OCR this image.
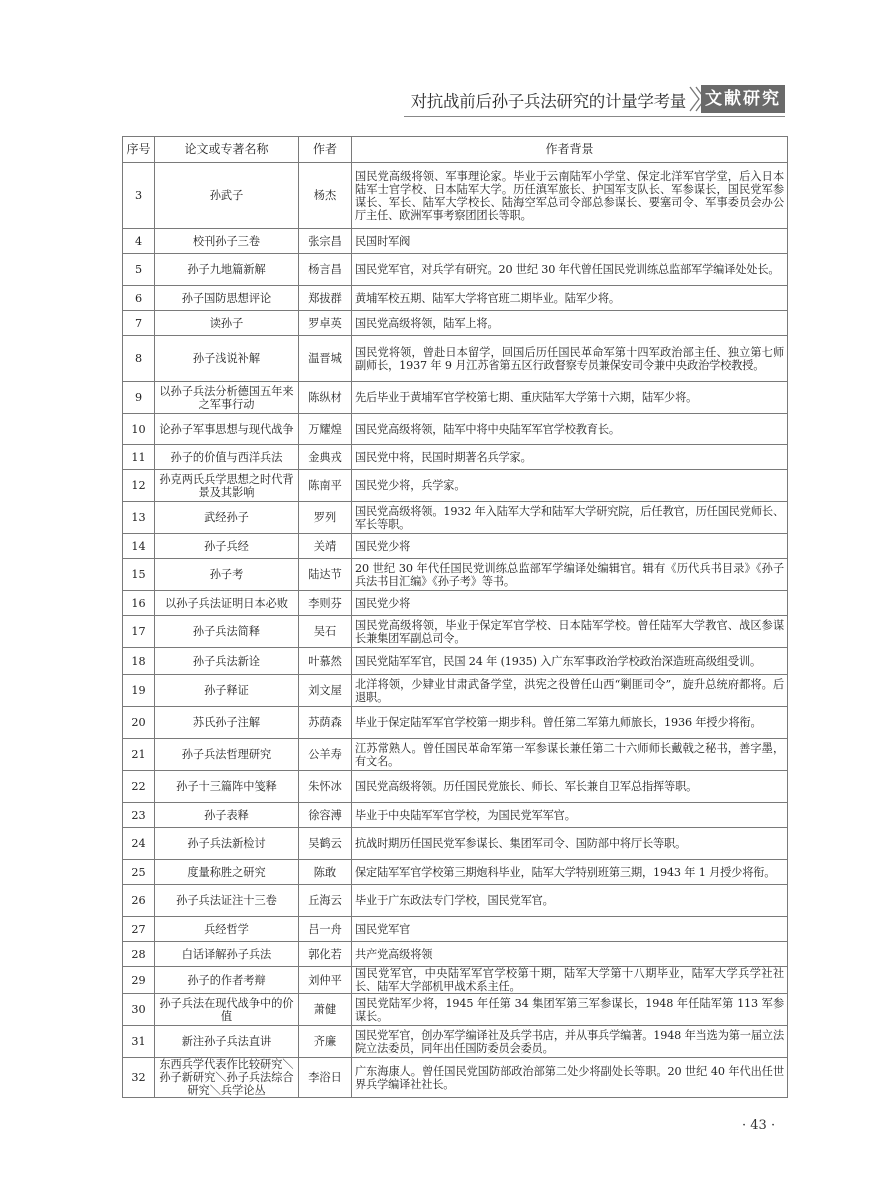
对抗战前后孙子兵法研究的计量学考量 文献研究
序号	论文或专著名称	作者	作者背景
3	孙武子	杨杰	国民党高级将领、军事理论家。毕业于云南陆军小学堂、保定北洋军官学堂，后入日本陆军士官学校、日本陆军大学。历任滇军旅长、护国军支队长、军参谋长，国民党军参谋长、军长、陆军大学校长、陆海空军总司令部总参谋长、要塞司令、军事委员会办公厅主任、欧洲军事考察团团长等职。
4	校刊孙子三卷	张宗昌	民国时军阀
5	孙子九地篇新解	杨言昌	国民党军官，对兵学有研究。20 世纪 30 年代曾任国民党训练总监部军学编译处处长。
6	孙子国防思想评论	郑拔群	黄埔军校五期、陆军大学将官班二期毕业。陆军少将。
7	读孙子	罗卓英	国民党高级将领，陆军上将。
8	孙子浅说补解	温晋城	国民党将领，曾赴日本留学，回国后历任国民革命军第十四军政治部主任、独立第七师副师长，1937 年 9 月江苏省第五区行政督察专员兼保安司令兼中央政治学校教授。
9	以孙子兵法分析德国五年来之军事行动	陈纵材	先后毕业于黄埔军官学校第七期、重庆陆军大学第十六期，陆军少将。
10	论孙子军事思想与现代战争	万耀煌	国民党高级将领，陆军中将中央陆军军官学校教育长。
11	孙子的价值与西洋兵法	金典戎	国民党中将，民国时期著名兵学家。
12	孙克两氏兵学思想之时代背景及其影响	陈南平	国民党少将，兵学家。
13	武经孙子	罗列	国民党高级将领。1932 年入陆军大学和陆军大学研究院，后任教官，历任国民党师长、军长等职。
14	孙子兵经	关靖	国民党少将
15	孙子考	陆达节	20 世纪 30 年代任国民党训练总监部军学编译处编辑官。辑有《历代兵书目录》《孙子兵法书目汇编》《孙子考》等书。
16	以孙子兵法证明日本必败	李则芬	国民党少将
17	孙子兵法简释	吴石	国民党高级将领，毕业于保定军官学校、日本陆军学校。曾任陆军大学教官、战区参谋长兼集团军副总司令。
18	孙子兵法新诠	叶慕然	国民党陆军军官，民国 24 年 (1935) 入广东军事政治学校政治深造班高级组受训。
19	孙子释证	刘文屋	北洋将领，少肄业甘肃武备学堂，洪宪之役曾任山西“剿匪司令”，旋升总统府都将。后退职。
20	苏氏孙子注解	苏荫森	毕业于保定陆军军官学校第一期步科。曾任第二军第九师旅长，1936 年授少将衔。
21	孙子兵法哲理研究	公羊寿	江苏常熟人。曾任国民革命军第一军参谋长兼任第二十六师师长戴戟之秘书，善字墨，有文名。
22	孙子十三篇阵中笺释	朱怀冰	国民党高级将领。历任国民党旅长、师长、军长兼自卫军总指挥等职。
23	孙子表释	徐容溥	毕业于中央陆军军官学校，为国民党军军官。
24	孙子兵法新检讨	吴鹤云	抗战时期历任国民党军参谋长、集团军司令、国防部中将厅长等职。
25	度量称胜之研究	陈敢	保定陆军军官学校第三期炮科毕业，陆军大学特别班第三期，1943 年 1 月授少将衔。
26	孙子兵法证注十三卷	丘海云	毕业于广东政法专门学校，国民党军官。
27	兵经哲学	吕一舟	国民党军官
28	白话译解孙子兵法	郭化若	共产党高级将领
29	孙子的作者考辩	刘仲平	国民党军官，中央陆军军官学校第十期，陆军大学第十八期毕业，陆军大学兵学社社长、陆军大学部机甲战术系主任。
30	孙子兵法在现代战争中的价值	萧健	国民党陆军少将，1945 年任第 34 集团军第三军参谋长，1948 年任陆军第 113 军参谋长。
31	新注孙子兵法直讲	齐廉	国民党军官，创办军学编译社及兵学书店，并从事兵学编著。1948 年当选为第一届立法院立法委员，同年出任国防委员会委员。
32	东西兵学代表作比较研究＼孙子新研究＼孙子兵法综合研究＼兵学论丛	李浴日	广东海康人。曾任国民党国防部政治部第二处少将副处长等职。20 世纪 40 年代出任世界兵学编译社社长。
· 43 ·
